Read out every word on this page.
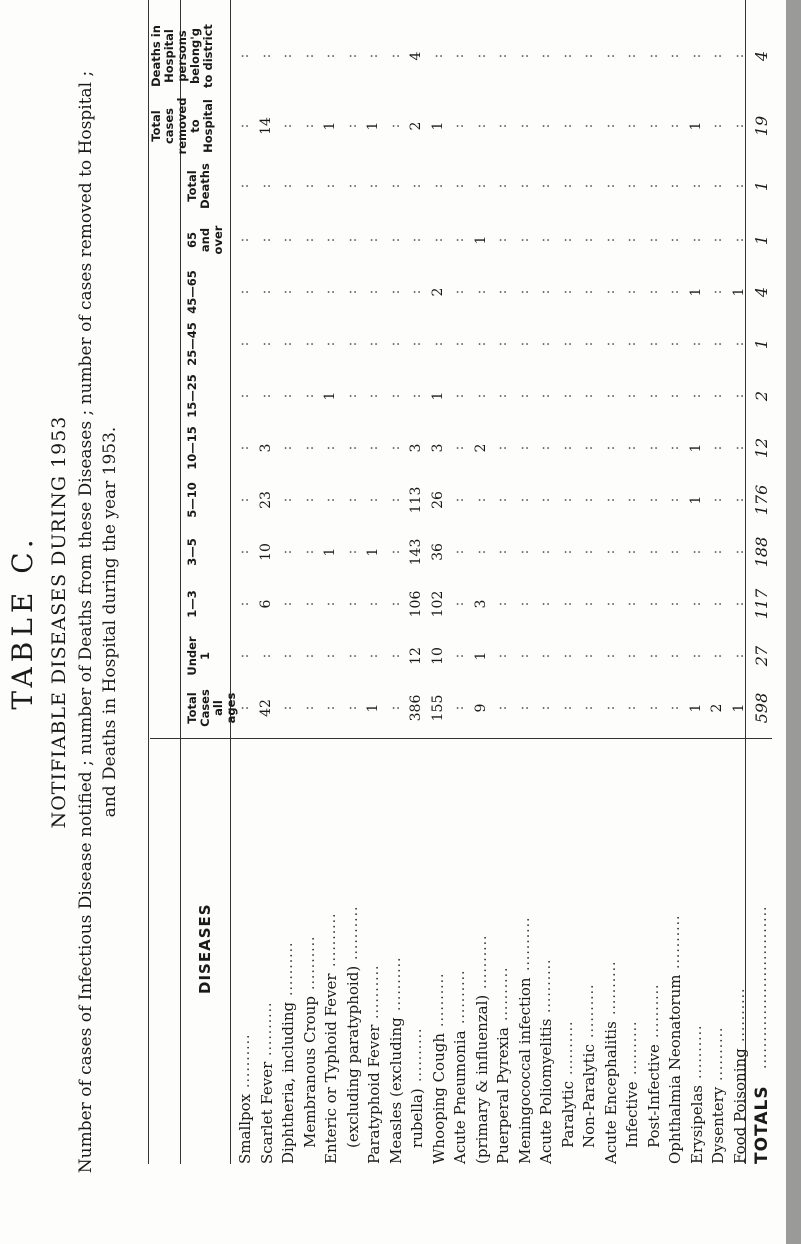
TABLE C. NOTIFIABLE DISEASES DURING 1953 Number of cases of Infectious Disease notified ; number of Deaths from these Diseases ; number of cases removed to Hospital ; and Deaths in Hospital during the year 1953.
DISEASES
Total
Cases
all
ages
Under
1
1—3
3—5
5—10
10—15
15—25
25—45
45—65
65
and
over
Total
Deaths
Total
cases
removed
to
Hospital
Deaths in
Hospital
persons
belong'g
to district
Smallpox
..........
:
:
:
:
:
:
:
:
:
:
:
:
:
Scarlet Fever
..........
42
:
6
10
23
3
:
:
:
:
:
14
:
Diphtheria, including
..........
:
:
:
:
:
:
:
:
:
:
:
:
:
Membranous Croup
..........
:
:
:
:
:
:
:
:
:
:
:
:
:
Enteric or Typhoid Fever
..........
:
:
:
1
:
:
1
:
:
:
:
1
:
(excluding paratyphoid)
..........
:
:
:
:
:
:
:
:
:
:
:
:
:
Paratyphoid Fever
..........
1
:
:
1
:
:
:
:
:
:
:
1
:
Measles (excluding
..........
:
:
:
:
:
:
:
:
:
:
:
:
:
rubella)
..........
386
12
106
143
113
3
:
:
:
:
:
2
4
Whooping Cough
..........
155
10
102
36
26
3
1
:
2
:
:
1
:
Acute Pneumonia
..........
:
:
:
:
:
:
:
:
:
:
:
:
:
(primary & influenzal)
..........
9
1
3
:
:
2
:
:
:
1
:
:
:
Puerperal Pyrexia
..........
:
:
:
:
:
:
:
:
:
:
:
:
:
Meningococcal infection
..........
:
:
:
:
:
:
:
:
:
:
:
:
:
Acute Poliomyelitis
..........
:
:
:
:
:
:
:
:
:
:
:
:
:
Paralytic
..........
:
:
:
:
:
:
:
:
:
:
:
:
:
Non-Paralytic
..........
:
:
:
:
:
:
:
:
:
:
:
:
:
Acute Encephalitis
..........
:
:
:
:
:
:
:
:
:
:
:
:
:
Infective
..........
:
:
:
:
:
:
:
:
:
:
:
:
:
Post-Infective
..........
:
:
:
:
:
:
:
:
:
:
:
:
:
Ophthalmia Neonatorum
..........
:
:
:
:
:
:
:
:
:
:
:
:
:
Erysipelas
..........
1
:
:
:
1
1
:
:
1
:
:
1
:
Dysentery
..........
2
:
:
:
:
:
:
:
:
:
:
:
:
Food Poisoning
..........
1
:
:
:
:
:
:
:
1
:
:
:
:
TOTALS
..............................
598
27
117
188
176
12
2
1
4
1
1
19
4
